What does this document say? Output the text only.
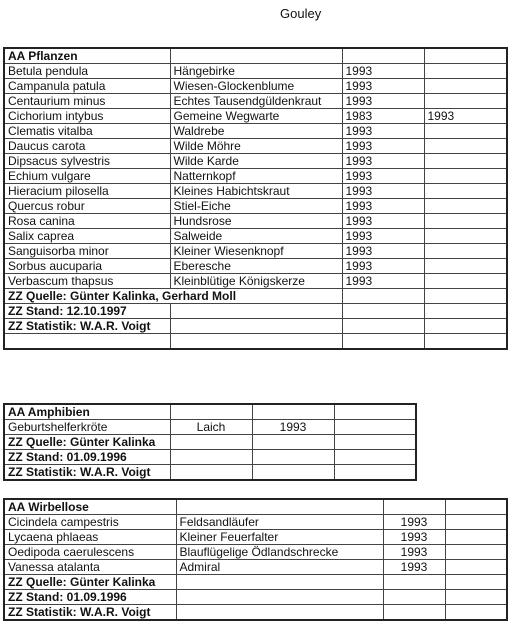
Gouley
AA Pflanzen			
Betula pendula	Hängebirke	1993	
Campanula patula	Wiesen-Glockenblume	1993	
Centaurium minus	Echtes Tausendgüldenkraut	1993	
Cichorium intybus	Gemeine Wegwarte	1983	1993
Clematis vitalba	Waldrebe	1993	
Daucus carota	Wilde Möhre	1993	
Dipsacus sylvestris	Wilde Karde	1993	
Echium vulgare	Natternkopf	1993	
Hieracium pilosella	Kleines Habichtskraut	1993	
Quercus robur	Stiel-Eiche	1993	
Rosa canina	Hundsrose	1993	
Salix caprea	Salweide	1993	
Sanguisorba minor	Kleiner Wiesenknopf	1993	
Sorbus aucuparia	Eberesche	1993	
Verbascum thapsus	Kleinblütige Königskerze	1993	
ZZ Quelle: Günter Kalinka, Gerhard Moll			
ZZ Stand: 12.10.1997			
ZZ Statistik: W.A.R. Voigt			

AA Amphibien			
Geburtshelferkröte	Laich	1993	
ZZ Quelle: Günter Kalinka			
ZZ Stand: 01.09.1996			
ZZ Statistik: W.A.R. Voigt			
AA Wirbellose			
Cicindela campestris	Feldsandläufer	1993	
Lycaena phlaeas	Kleiner Feuerfalter	1993	
Oedipoda caerulescens	Blauflügelige Ödlandschrecke	1993	
Vanessa atalanta	Admiral	1993	
ZZ Quelle: Günter Kalinka			
ZZ Stand: 01.09.1996			
ZZ Statistik: W.A.R. Voigt			
